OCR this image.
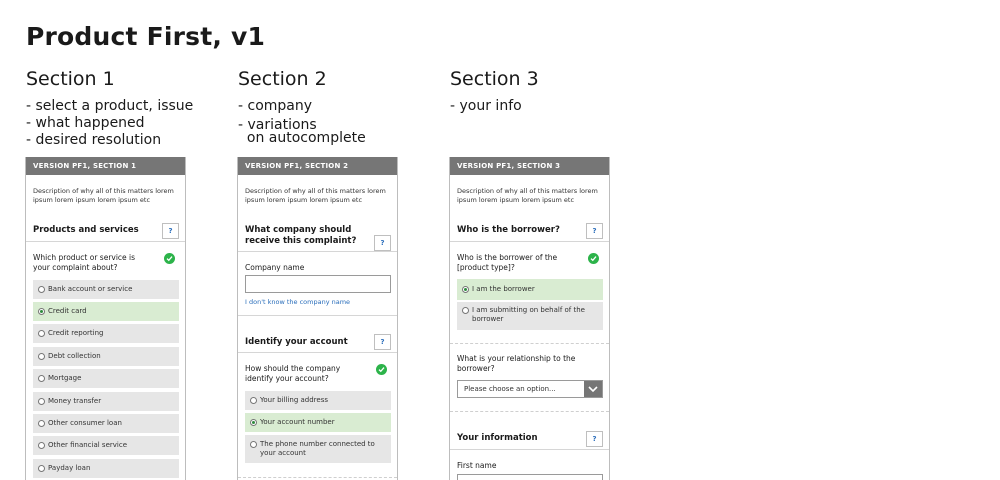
Product First, v1
Section 1
- select a product, issue
- what happened
- desired resolution
Section 2
- company
- variations
on autocomplete
Section 3
- your info
VERSION PF1, SECTION 1
Description of why all of this matters lorem ipsum lorem ipsum lorem ipsum etc
Products and services	?
Which product or service is your complaint about?
Bank account or service
Credit card
Credit reporting
Debt collection
Mortgage
Money transfer
Other consumer loan
Other financial service
Payday loan
VERSION PF1, SECTION 2
Description of why all of this matters lorem ipsum lorem ipsum lorem ipsum etc
What company should receive this complaint?	?
Company name
I don't know the company name
Identify your account	?
How should the company identify your account?
Your billing address
Your account number
The phone number connected to your account
VERSION PF1, SECTION 3
Description of why all of this matters lorem ipsum lorem ipsum lorem ipsum etc
Who is the borrower?	?
Who is the borrower of the [product type]?
I am the borrower
I am submitting on behalf of the borrower
What is your relationship to the borrower?
Please choose an option...
Your information	?
First name
